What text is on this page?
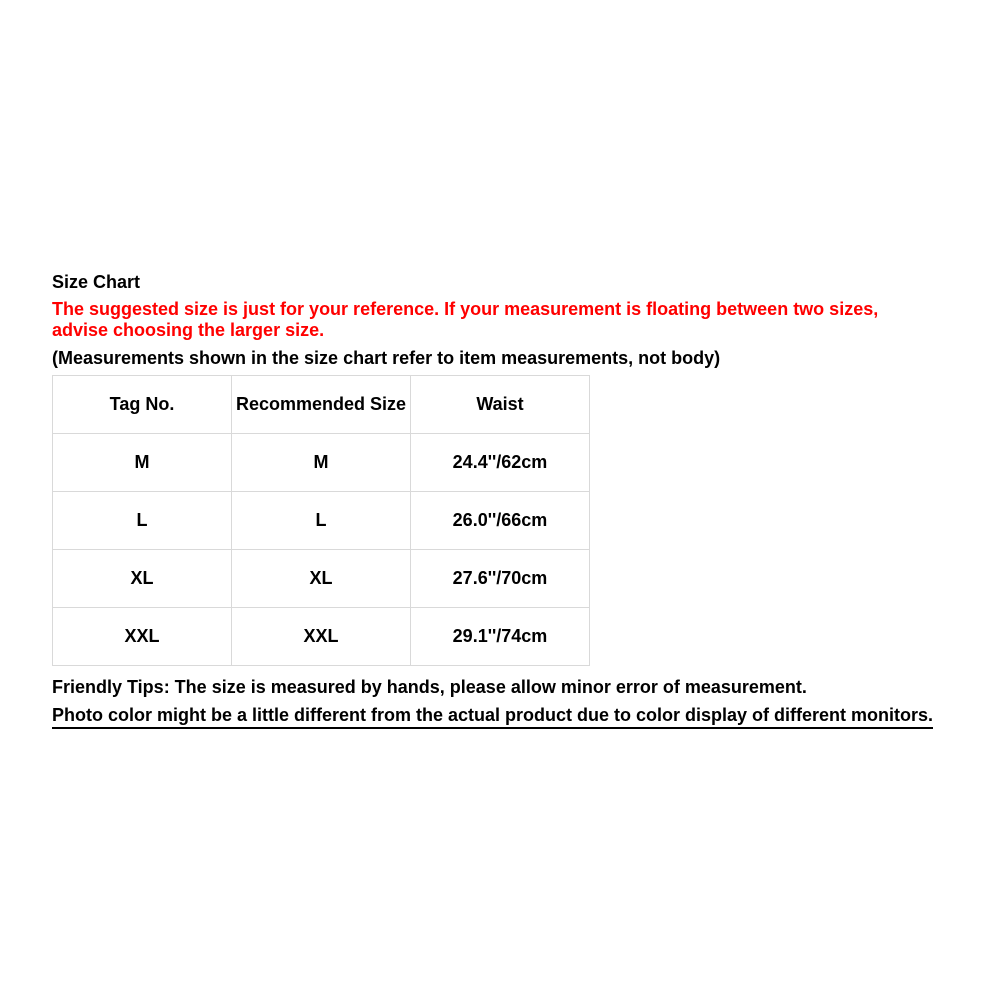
Size Chart

The suggested size is just for your reference. If your measurement is floating between two sizes, advise choosing the larger size.

(Measurements shown in the size chart refer to item measurements, not body)

Tag No.	Recommended Size	Waist
M	M	24.4''/62cm
L	L	26.0''/66cm
XL	XL	27.6''/70cm
XXL	XXL	29.1''/74cm

Friendly Tips: The size is measured by hands, please allow minor error of measurement.

Photo color might be a little different from the actual product due to color display of different monitors.
